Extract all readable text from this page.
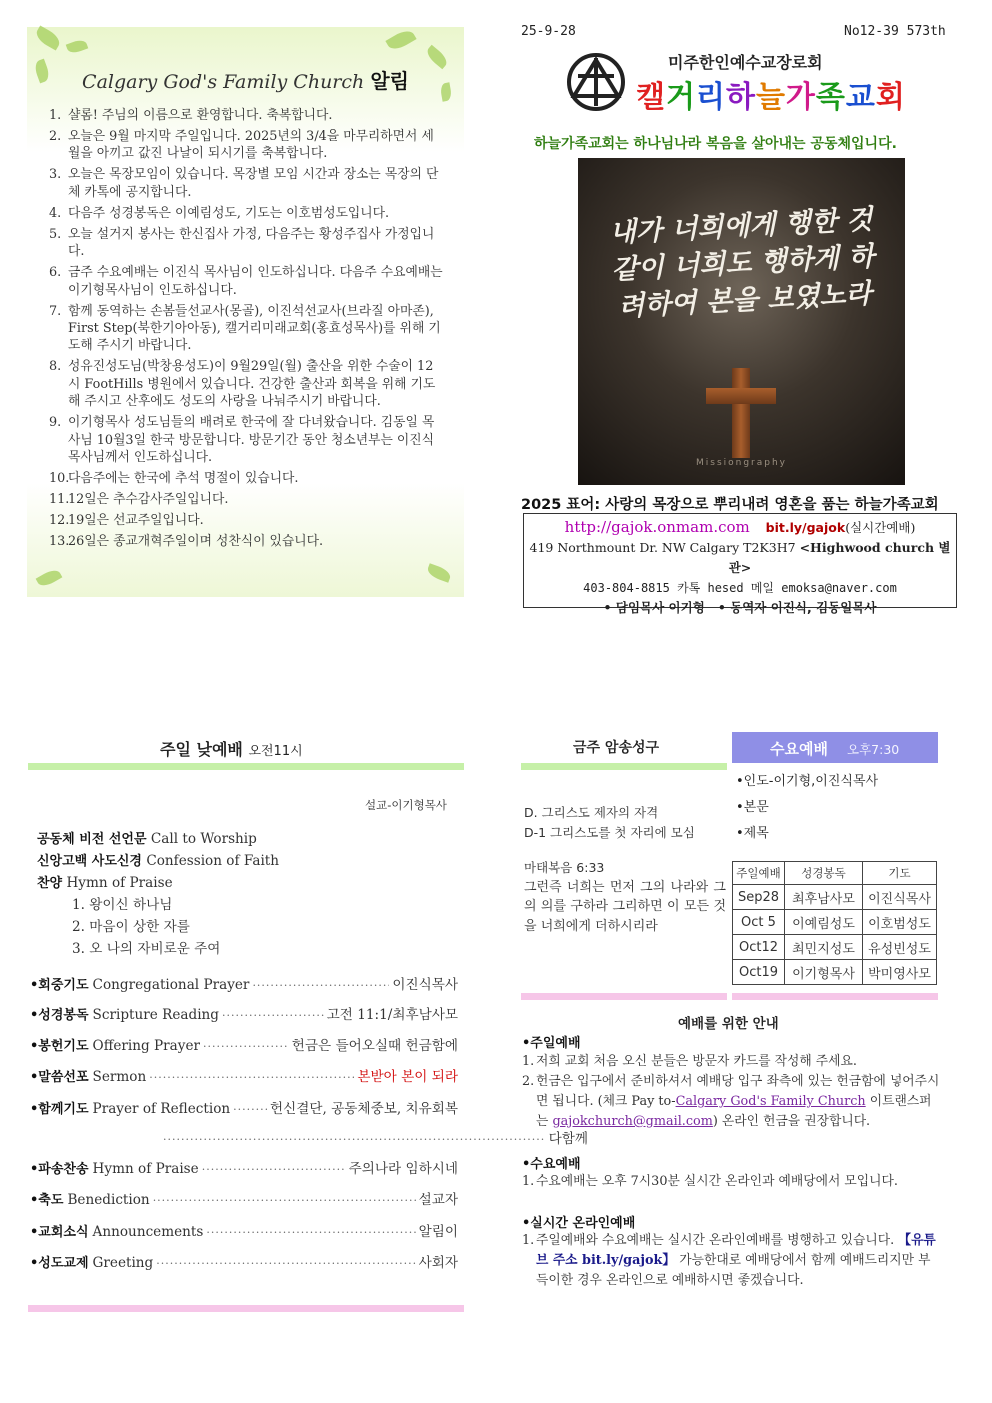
Calgary God's Family Church 알림
1. 샬롬! 주님의 이름으로 환영합니다. 축복합니다.
2. 오늘은 9월 마지막 주일입니다. 2025년의 3/4을 마무리하면서 세월을 아끼고 값진 나날이 되시기를 축복합니다.
3. 오늘은 목장모임이 있습니다. 목장별 모임 시간과 장소는 목장의 단체 카톡에 공지합니다.
4. 다음주 성경봉독은 이예림성도, 기도는 이호범성도입니다.
5. 오늘 설거지 봉사는 한신집사 가정, 다음주는 황성주집사 가정입니다.
6. 금주 수요예배는 이진식 목사님이 인도하십니다. 다음주 수요예배는 이기형목사님이 인도하십니다.
7. 함께 동역하는 손봄들선교사(몽골), 이진석선교사(브라질 아마존), First Step(북한기아아동), 캘거리미래교회(홍효성목사)를 위해 기도해 주시기 바랍니다.
8. 성유진성도님(박창용성도)이 9월29일(월) 출산을 위한 수술이 12시 FootHills 병원에서 있습니다. 건강한 출산과 회복을 위해 기도해 주시고 산후에도 성도의 사랑을 나눠주시기 바랍니다.
9. 이기형목사 성도님들의 배려로 한국에 잘 다녀왔습니다. 김동일 목사님 10월3일 한국 방문합니다. 방문기간 동안 청소년부는 이진식목사님께서 인도하십니다.
10.
다음주에는 한국에 추석 명절이 있습니다.
11.
12일은 추수감사주일입니다.
12.
19일은 선교주일입니다.
13.
26일은 종교개혁주일이며 성찬식이 있습니다.
25-9-28	No12-39 573th
미주한인예수교장로회
캘거리하늘가족교회
하늘가족교회는 하나님나라 복음을 살아내는 공동체입니다.
내가 너희에게 행한 것 같이 너희도 행하게 하려하여 본을 보였노라
Missiongraphy
2025 표어: 사랑의 목장으로 뿌리내려 영혼을 품는 하늘가족교회
http://gajok.onmam.com bit.ly/gajok(실시간예배)
419 Northmount Dr. NW Calgary T2K3H7 <Highwood church 별관>
403-804-8815 카톡 hesed 메일 emoksa@naver.com
• 담임목사 이기형   • 동역자 이진식, 김동일목사
주일 낮예배 오전11시
설교-이기형목사
공동체 비전 선언문 Call to Worship
신앙고백 사도신경 Confession of Faith
찬양 Hymn of Praise
1. 왕이신 하나님
2. 마음이 상한 자를
3. 오 나의 자비로운 주여
•회중기도 Congregational Prayer ·····	이진식목사
•성경봉독 Scripture Reading ·····	고전 11:1/최후남사모
•봉헌기도 Offering Prayer ·····	헌금은 들어오실때 헌금함에
•말씀선포 Sermon ·····	본받아 본이 되라
•함께기도 Prayer of Reflection ·····	헌신결단, 공동체중보, 치유회복
·····
다함께
•파송찬송 Hymn of Praise ·····	주의나라 임하시네
•축도 Benediction ·····	설교자
•교회소식 Announcements ·····	알림이
•성도교제 Greeting ·····	사회자
금주 암송성구
D. 그리스도 제자의 자격
D-1 그리스도를 첫 자리에 모심
마태복음 6:33
그런즉 너희는 먼저 그의 나라와 그의 의를 구하라 그리하면 이 모든 것을 너희에게 더하시리라
수요예배 오후7:30
•인도-이기형,이진식목사
•본문
•제목
주일예배	성경봉독	기도
Sep28	최후남사모	이진식목사
Oct 5	이예림성도	이호범성도
Oct12	최민지성도	유성빈성도
Oct19	이기형목사	박미영사모
예배를 위한 안내
•주일예배
1. 저희 교회 처음 오신 분들은 방문자 카드를 작성해 주세요.
2. 헌금은 입구에서 준비하셔서 예배당 입구 좌측에 있는 헌금함에 넣어주시면 됩니다. (체크 Pay to-Calgary God's Family Church 이트랜스퍼는 gajokchurch@gmail.com) 온라인 헌금을 권장합니다.
•수요예배
1. 수요예배는 오후 7시30분 실시간 온라인과 예배당에서 모입니다.
•실시간 온라인예배
1. 주일예배와 수요예배는 실시간 온라인예배를 병행하고 있습니다. 【유튜브 주소 bit.ly/gajok】 가능한대로 예배당에서 함께 예배드리지만 부득이한 경우 온라인으로 예배하시면 좋겠습니다.
